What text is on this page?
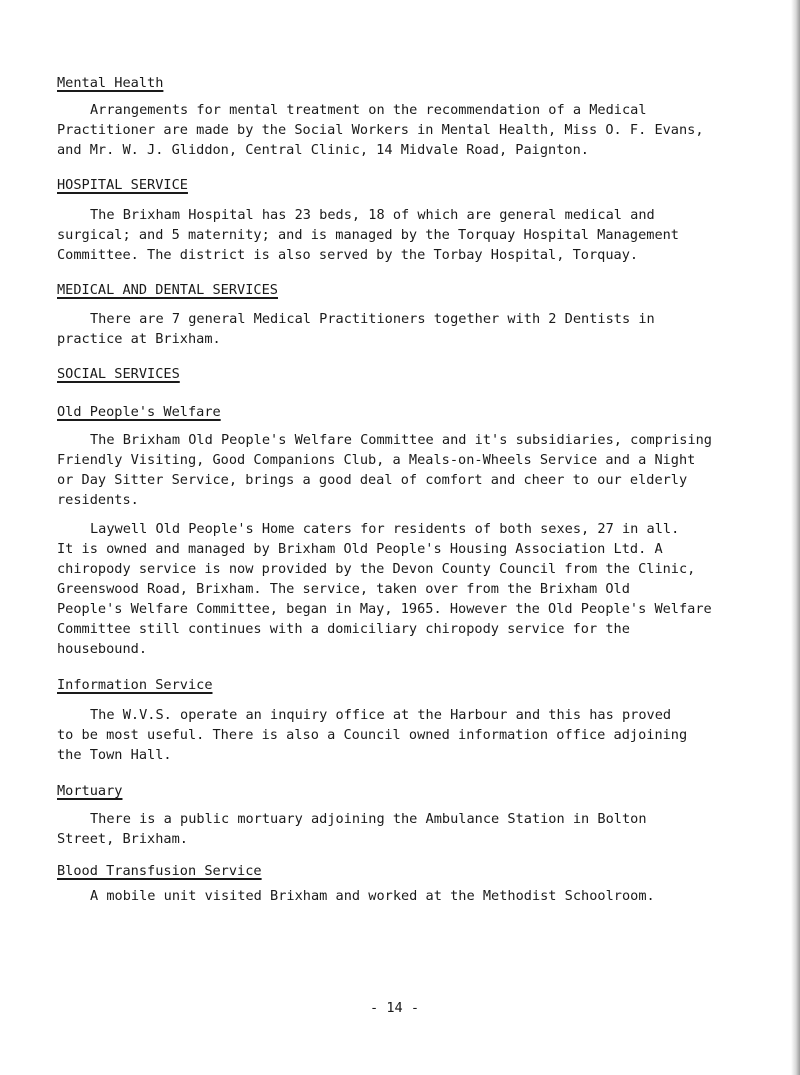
Mental Health
Arrangements for mental treatment on the recommendation of a Medical
Practitioner are made by the Social Workers in Mental Health, Miss O. F. Evans,
and Mr. W. J. Gliddon, Central Clinic, 14 Midvale Road, Paignton.
HOSPITAL SERVICE
The Brixham Hospital has 23 beds, 18 of which are general medical and
surgical; and 5 maternity; and is managed by the Torquay Hospital Management
Committee. The district is also served by the Torbay Hospital, Torquay.
MEDICAL AND DENTAL SERVICES
There are 7 general Medical Practitioners together with 2 Dentists in
practice at Brixham.
SOCIAL SERVICES
Old People's Welfare
The Brixham Old People's Welfare Committee and it's subsidiaries, comprising
Friendly Visiting, Good Companions Club, a Meals-on-Wheels Service and a Night
or Day Sitter Service, brings a good deal of comfort and cheer to our elderly
residents.
Laywell Old People's Home caters for residents of both sexes, 27 in all.
It is owned and managed by Brixham Old People's Housing Association Ltd. A
chiropody service is now provided by the Devon County Council from the Clinic,
Greenswood Road, Brixham. The service, taken over from the Brixham Old
People's Welfare Committee, began in May, 1965. However the Old People's Welfare
Committee still continues with a domiciliary chiropody service for the
housebound.
Information Service
The W.V.S. operate an inquiry office at the Harbour and this has proved
to be most useful. There is also a Council owned information office adjoining
the Town Hall.
Mortuary
There is a public mortuary adjoining the Ambulance Station in Bolton
Street, Brixham.
Blood Transfusion Service
A mobile unit visited Brixham and worked at the Methodist Schoolroom.
- 14 -
